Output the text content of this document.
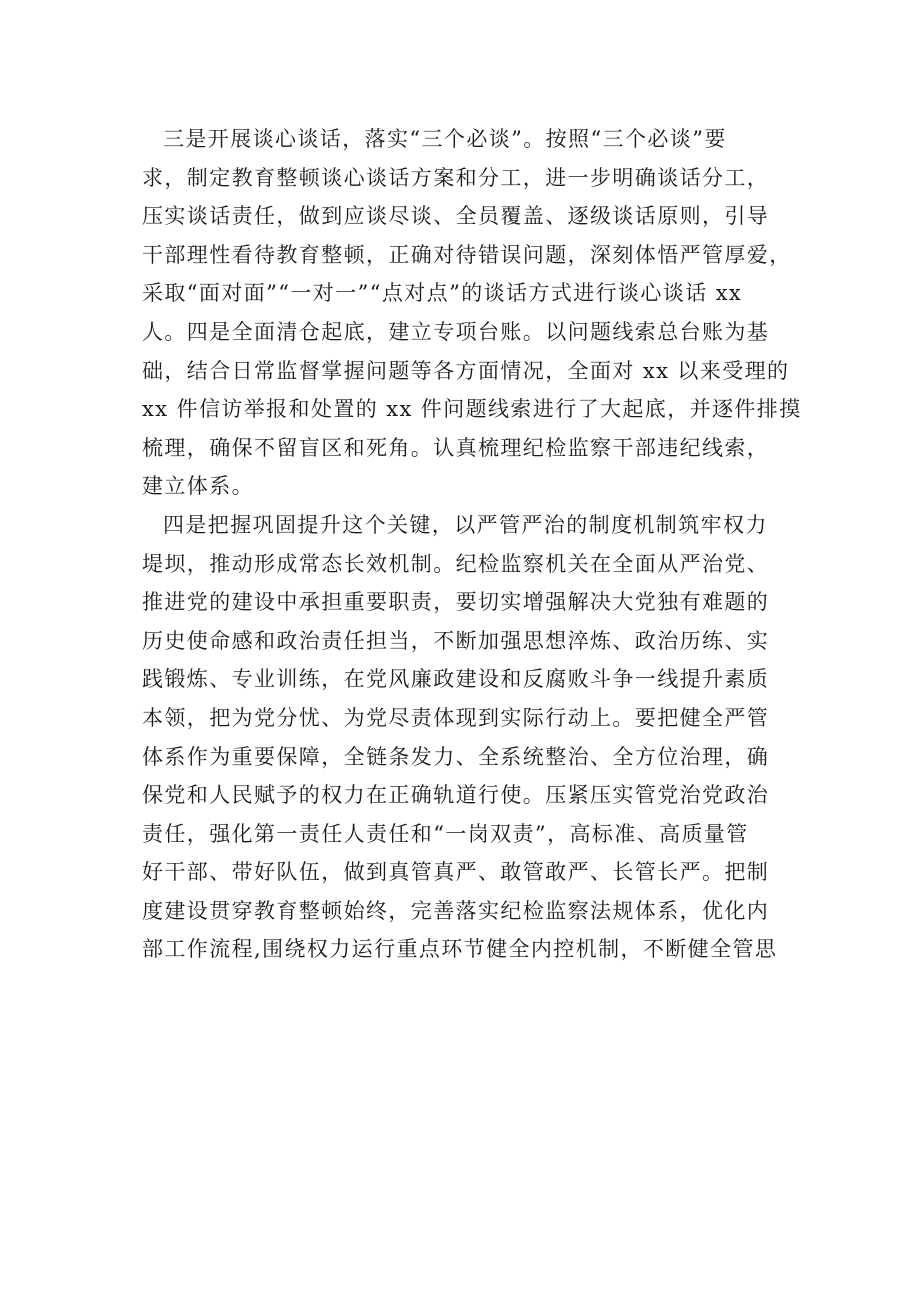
三是开展谈心谈话，落实“三个必谈”。按照“三个必谈”要
求，制定教育整顿谈心谈话方案和分工，进一步明确谈话分工，
压实谈话责任，做到应谈尽谈、全员覆盖、逐级谈话原则，引导
干部理性看待教育整顿，正确对待错误问题，深刻体悟严管厚爱，
采取“面对面”“一对一”“点对点”的谈话方式进行谈心谈话 xx
人。四是全面清仓起底，建立专项台账。以问题线索总台账为基
础，结合日常监督掌握问题等各方面情况，全面对 xx 以来受理的
xx 件信访举报和处置的 xx 件问题线索进行了大起底，并逐件排摸
梳理，确保不留盲区和死角。认真梳理纪检监察干部违纪线索，
建立体系。
四是把握巩固提升这个关键，以严管严治的制度机制筑牢权力
堤坝，推动形成常态长效机制。纪检监察机关在全面从严治党、
推进党的建设中承担重要职责，要切实增强解决大党独有难题的
历史使命感和政治责任担当，不断加强思想淬炼、政治历练、实
践锻炼、专业训练，在党风廉政建设和反腐败斗争一线提升素质
本领，把为党分忧、为党尽责体现到实际行动上。要把健全严管
体系作为重要保障，全链条发力、全系统整治、全方位治理，确
保党和人民赋予的权力在正确轨道行使。压紧压实管党治党政治
责任，强化第一责任人责任和“一岗双责”，高标准、高质量管
好干部、带好队伍，做到真管真严、敢管敢严、长管长严。把制
度建设贯穿教育整顿始终，完善落实纪检监察法规体系，优化内
部工作流程,围绕权力运行重点环节健全内控机制，不断健全管思
